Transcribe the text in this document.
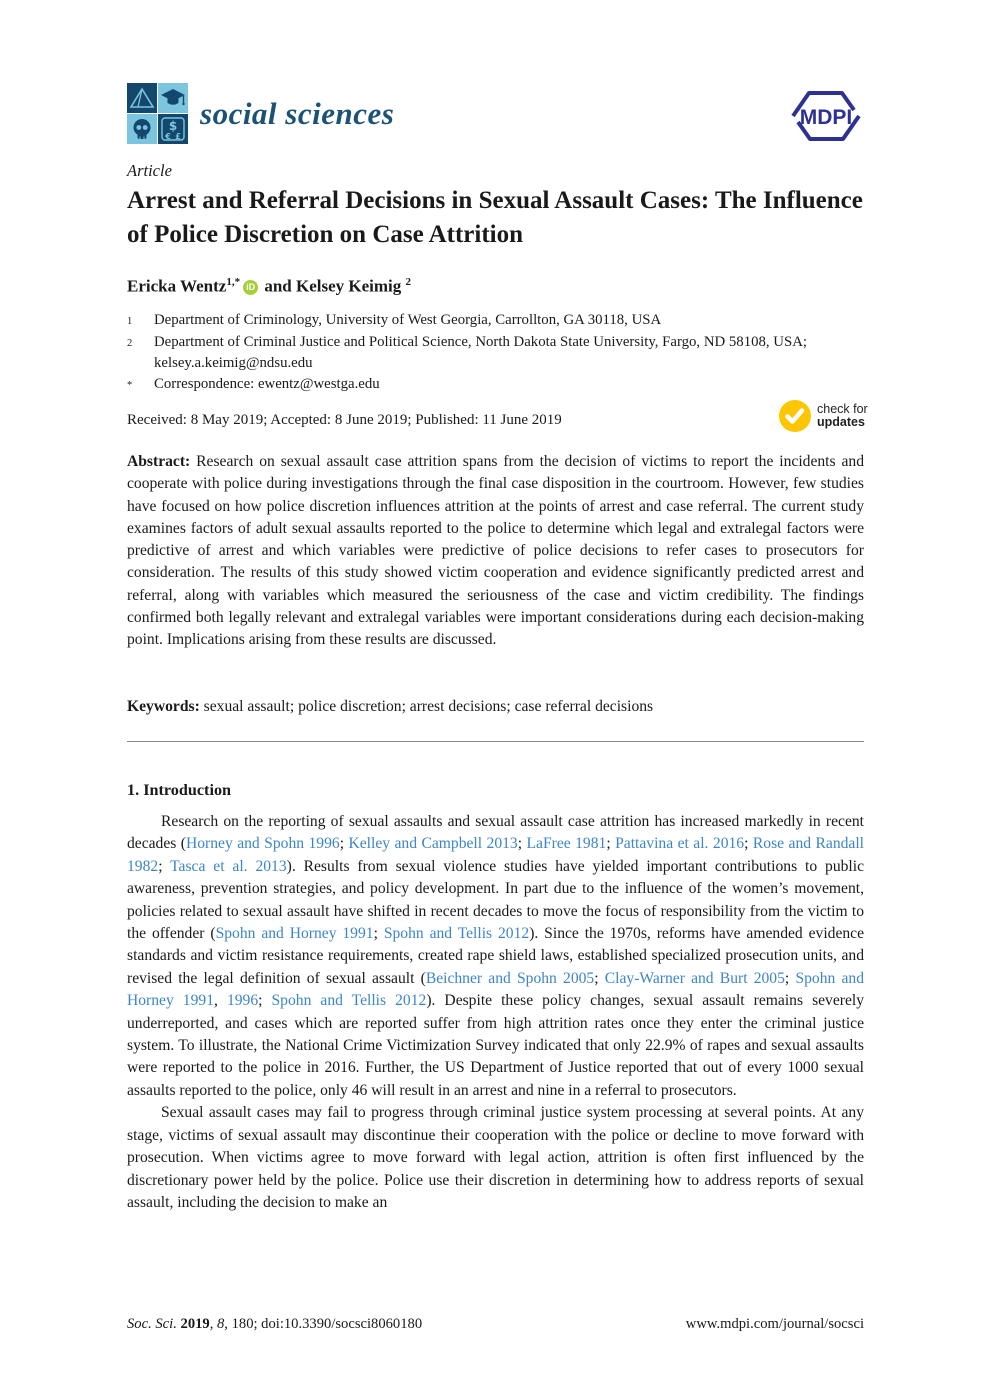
$
€ £
social sciences	MDPI
Article
Arrest and Referral Decisions in Sexual Assault Cases: The Influence of Police Discretion on Case Attrition
Ericka Wentz$^{1,*}$ iD and Kelsey Keimig $^2$
1	Department of Criminology, University of West Georgia, Carrollton, GA 30118, USA
2	Department of Criminal Justice and Political Science, North Dakota State University, Fargo, ND 58108, USA; kelsey.a.keimig@ndsu.edu
*	Correspondence: ewentz@westga.edu
Received: 8 May 2019; Accepted: 8 June 2019; Published: 11 June 2019
check for
updates
Abstract: Research on sexual assault case attrition spans from the decision of victims to report the incidents and cooperate with police during investigations through the final case disposition in the courtroom. However, few studies have focused on how police discretion influences attrition at the points of arrest and case referral. The current study examines factors of adult sexual assaults reported to the police to determine which legal and extralegal factors were predictive of arrest and which variables were predictive of police decisions to refer cases to prosecutors for consideration. The results of this study showed victim cooperation and evidence significantly predicted arrest and referral, along with variables which measured the seriousness of the case and victim credibility. The findings confirmed both legally relevant and extralegal variables were important considerations during each decision-making point. Implications arising from these results are discussed.
Keywords: sexual assault; police discretion; arrest decisions; case referral decisions
1. Introduction

Research on the reporting of sexual assaults and sexual assault case attrition has increased markedly in recent decades (Horney and Spohn 1996; Kelley and Campbell 2013; LaFree 1981; Pattavina et al. 2016; Rose and Randall 1982; Tasca et al. 2013). Results from sexual violence studies have yielded important contributions to public awareness, prevention strategies, and policy development. In part due to the influence of the women’s movement, policies related to sexual assault have shifted in recent decades to move the focus of responsibility from the victim to the offender (Spohn and Horney 1991; Spohn and Tellis 2012). Since the 1970s, reforms have amended evidence standards and victim resistance requirements, created rape shield laws, established specialized prosecution units, and revised the legal definition of sexual assault (Beichner and Spohn 2005; Clay-Warner and Burt 2005; Spohn and Horney 1991, 1996; Spohn and Tellis 2012). Despite these policy changes, sexual assault remains severely underreported, and cases which are reported suffer from high attrition rates once they enter the criminal justice system. To illustrate, the National Crime Victimization Survey indicated that only 22.9% of rapes and sexual assaults were reported to the police in 2016. Further, the US Department of Justice reported that out of every 1000 sexual assaults reported to the police, only 46 will result in an arrest and nine in a referral to prosecutors.

Sexual assault cases may fail to progress through criminal justice system processing at several points. At any stage, victims of sexual assault may discontinue their cooperation with the police or decline to move forward with prosecution. When victims agree to move forward with legal action, attrition is often first influenced by the discretionary power held by the police. Police use their discretion in determining how to address reports of sexual assault, including the decision to make an

Soc. Sci. 2019, 8, 180; doi:10.3390/socsci8060180	www.mdpi.com/journal/socsci
